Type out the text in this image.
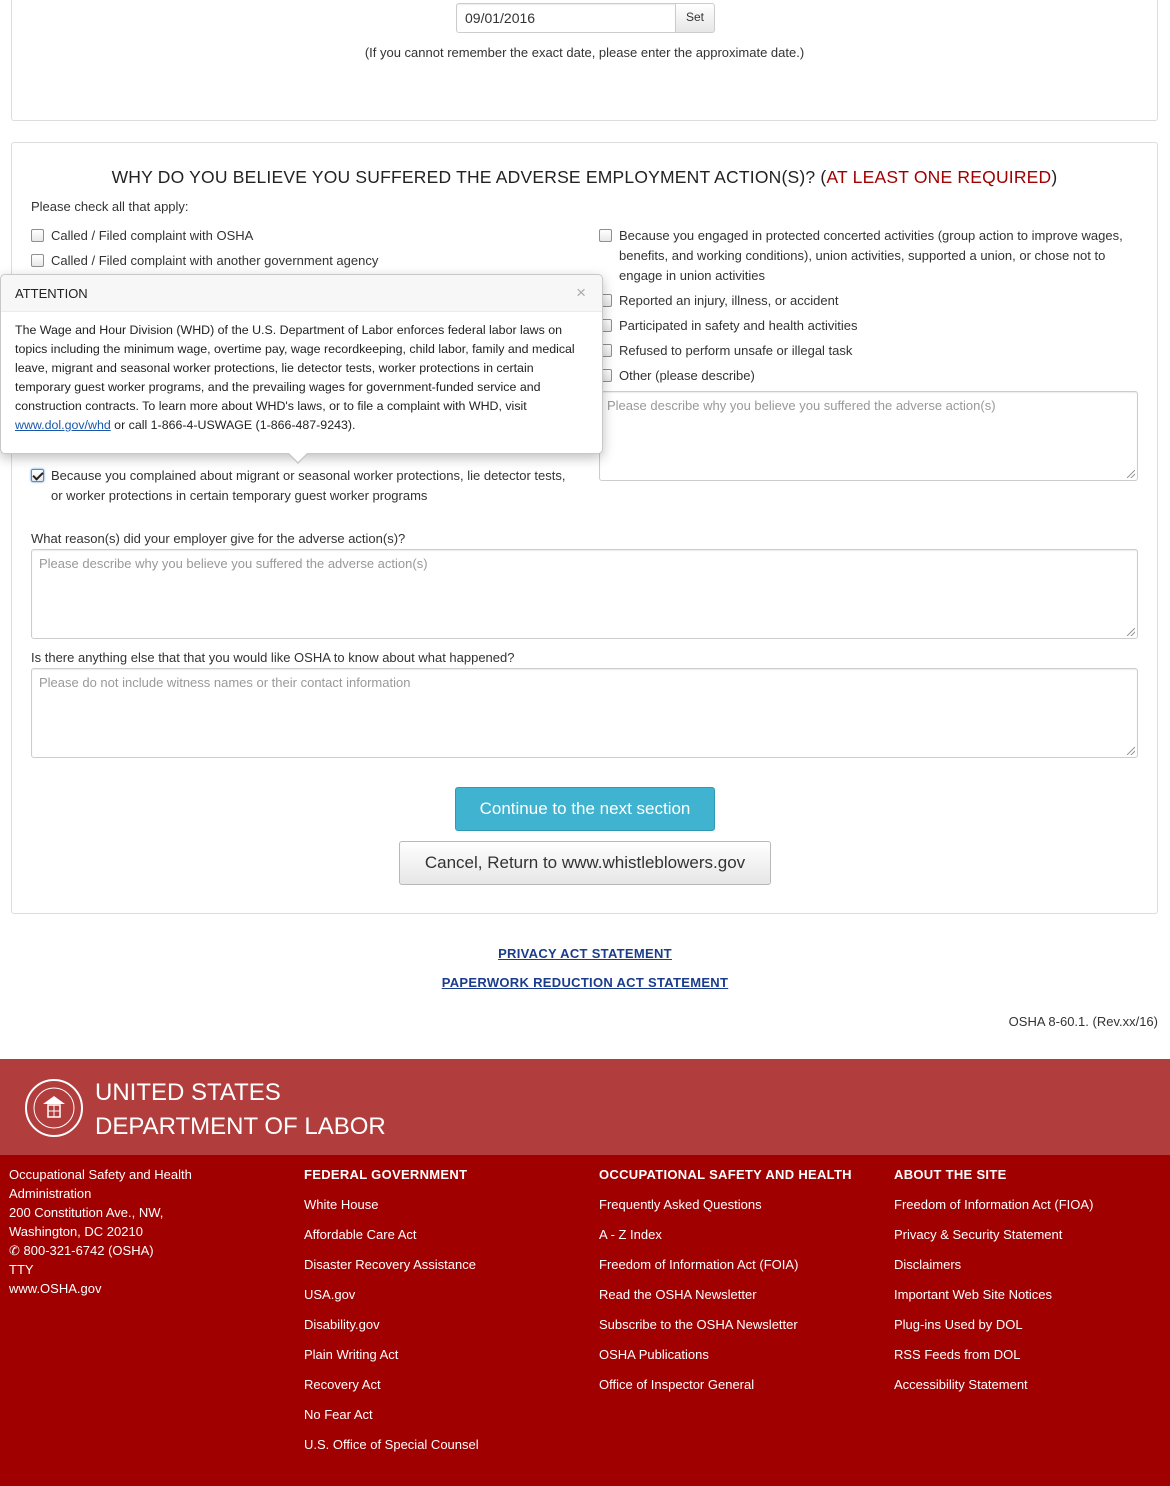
09/01/2016	Set
(If you cannot remember the exact date, please enter the approximate date.)
WHY DO YOU BELIEVE YOU SUFFERED THE ADVERSE EMPLOYMENT ACTION(S)? (AT LEAST ONE REQUIRED)
Please check all that apply:
Called / Filed complaint with OSHA
Called / Filed complaint with another government agency
Because you complained about migrant or seasonal worker protections, lie detector tests, or worker protections in certain temporary guest worker programs
Because you engaged in protected concerted activities (group action to improve wages, benefits, and working conditions), union activities, supported a union, or chose not to engage in union activities
Reported an injury, illness, or accident
Participated in safety and health activities
Refused to perform unsafe or illegal task
Other (please describe)
Please describe why you believe you suffered the adverse action(s)
What reason(s) did your employer give for the adverse action(s)?
Please describe why you believe you suffered the adverse action(s)
Is there anything else that that you would like OSHA to know about what happened?
Please do not include witness names or their contact information
Continue to the next section
Cancel, Return to www.whistleblowers.gov
ATTENTION	×
The Wage and Hour Division (WHD) of the U.S. Department of Labor enforces federal labor laws on topics including the minimum wage, overtime pay, wage recordkeeping, child labor, family and medical leave, migrant and seasonal worker protections, lie detector tests, worker protections in certain temporary guest worker programs, and the prevailing wages for government-funded service and construction contracts. To learn more about WHD's laws, or to file a complaint with WHD, visit www.dol.gov/whd or call 1-866-4-USWAGE (1-866-487-9243).
PRIVACY ACT STATEMENT
PAPERWORK REDUCTION ACT STATEMENT
OSHA 8-60.1. (Rev.xx/16)
UNITED STATES
DEPARTMENT OF LABOR
Occupational Safety and Health
Administration
200 Constitution Ave., NW,
Washington, DC 20210
✆ 800-321-6742 (OSHA)
TTY
www.OSHA.gov
FEDERAL GOVERNMENT
White House
Affordable Care Act
Disaster Recovery Assistance
USA.gov
Disability.gov
Plain Writing Act
Recovery Act
No Fear Act
U.S. Office of Special Counsel
OCCUPATIONAL SAFETY AND HEALTH
Frequently Asked Questions
A - Z Index
Freedom of Information Act (FOIA)
Read the OSHA Newsletter
Subscribe to the OSHA Newsletter
OSHA Publications
Office of Inspector General
ABOUT THE SITE
Freedom of Information Act (FIOA)
Privacy & Security Statement
Disclaimers
Important Web Site Notices
Plug-ins Used by DOL
RSS Feeds from DOL
Accessibility Statement
